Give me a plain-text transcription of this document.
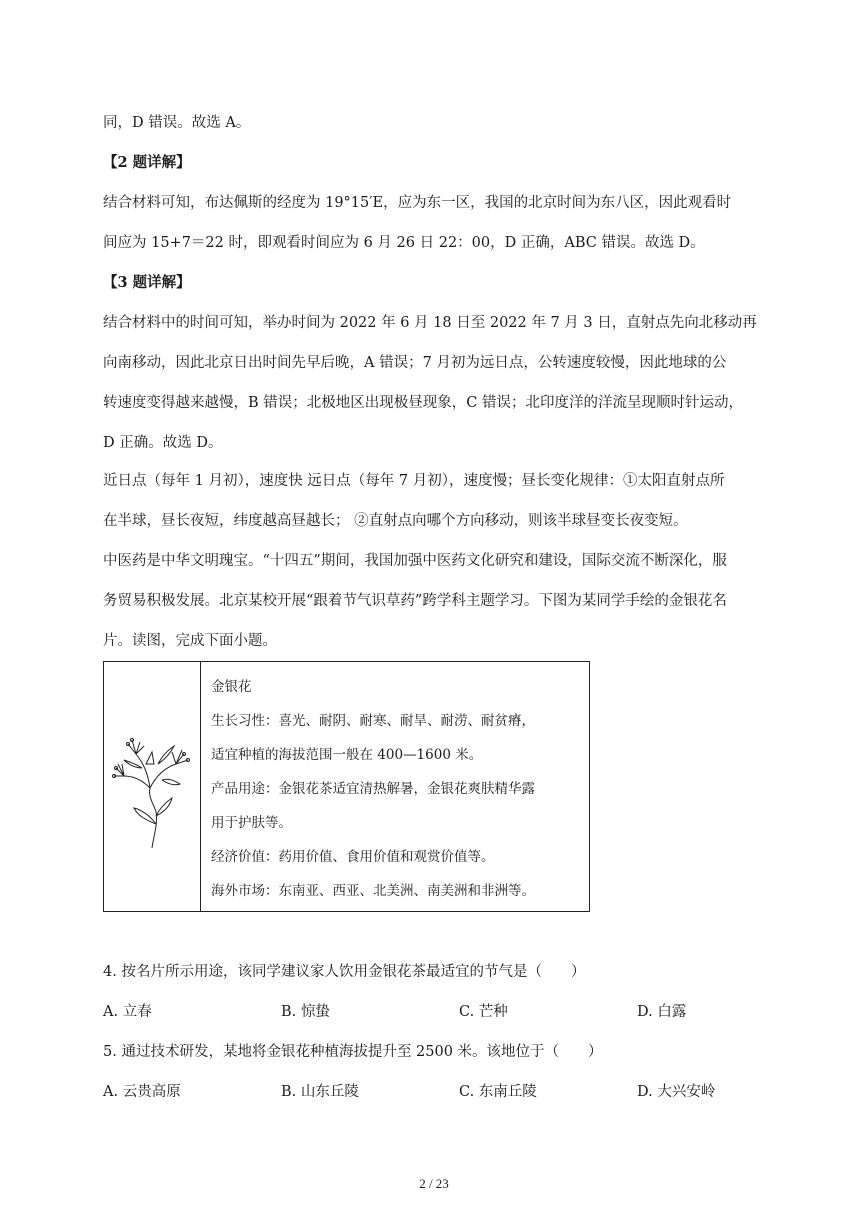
同，D 错误。故选 A。
【2 题详解】
结合材料可知，布达佩斯的经度为 19°15′E，应为东一区，我国的北京时间为东八区，因此观看时
间应为 15+7＝22 时，即观看时间应为 6 月 26 日 22：00，D 正确，ABC 错误。故选 D。
【3 题详解】
结合材料中的时间可知，举办时间为 2022 年 6 月 18 日至 2022 年 7 月 3 日，直射点先向北移动再
向南移动，因此北京日出时间先早后晚，A 错误；7 月初为远日点，公转速度较慢，因此地球的公
转速度变得越来越慢，B 错误；北极地区出现极昼现象，C 错误；北印度洋的洋流呈现顺时针运动，
D 正确。故选 D。
近日点（每年 1 月初），速度快 远日点（每年 7 月初），速度慢；昼长变化规律：①太阳直射点所
在半球，昼长夜短，纬度越高昼越长； ②直射点向哪个方向移动，则该半球昼变长夜变短。
中医药是中华文明瑰宝。“十四五”期间，我国加强中医药文化研究和建设，国际交流不断深化，服
务贸易积极发展。北京某校开展“跟着节气识草药”跨学科主题学习。下图为某同学手绘的金银花名
片。读图，完成下面小题。
金银花
生长习性：喜光、耐阴、耐寒、耐旱、耐涝、耐贫瘠，
适宜种植的海拔范围一般在 400—1600 米。
产品用途：金银花茶适宜清热解暑，金银花爽肤精华露
用于护肤等。
经济价值：药用价值、食用价值和观赏价值等。
海外市场：东南亚、西亚、北美洲、南美洲和非洲等。
4. 按名片所示用途，该同学建议家人饮用金银花茶最适宜的节气是（　　）
A. 立春	B. 惊蛰	C. 芒种	D. 白露
5. 通过技术研发，某地将金银花种植海拔提升至 2500 米。该地位于（　　）
A. 云贵高原	B. 山东丘陵	C. 东南丘陵	D. 大兴安岭
2 / 23
